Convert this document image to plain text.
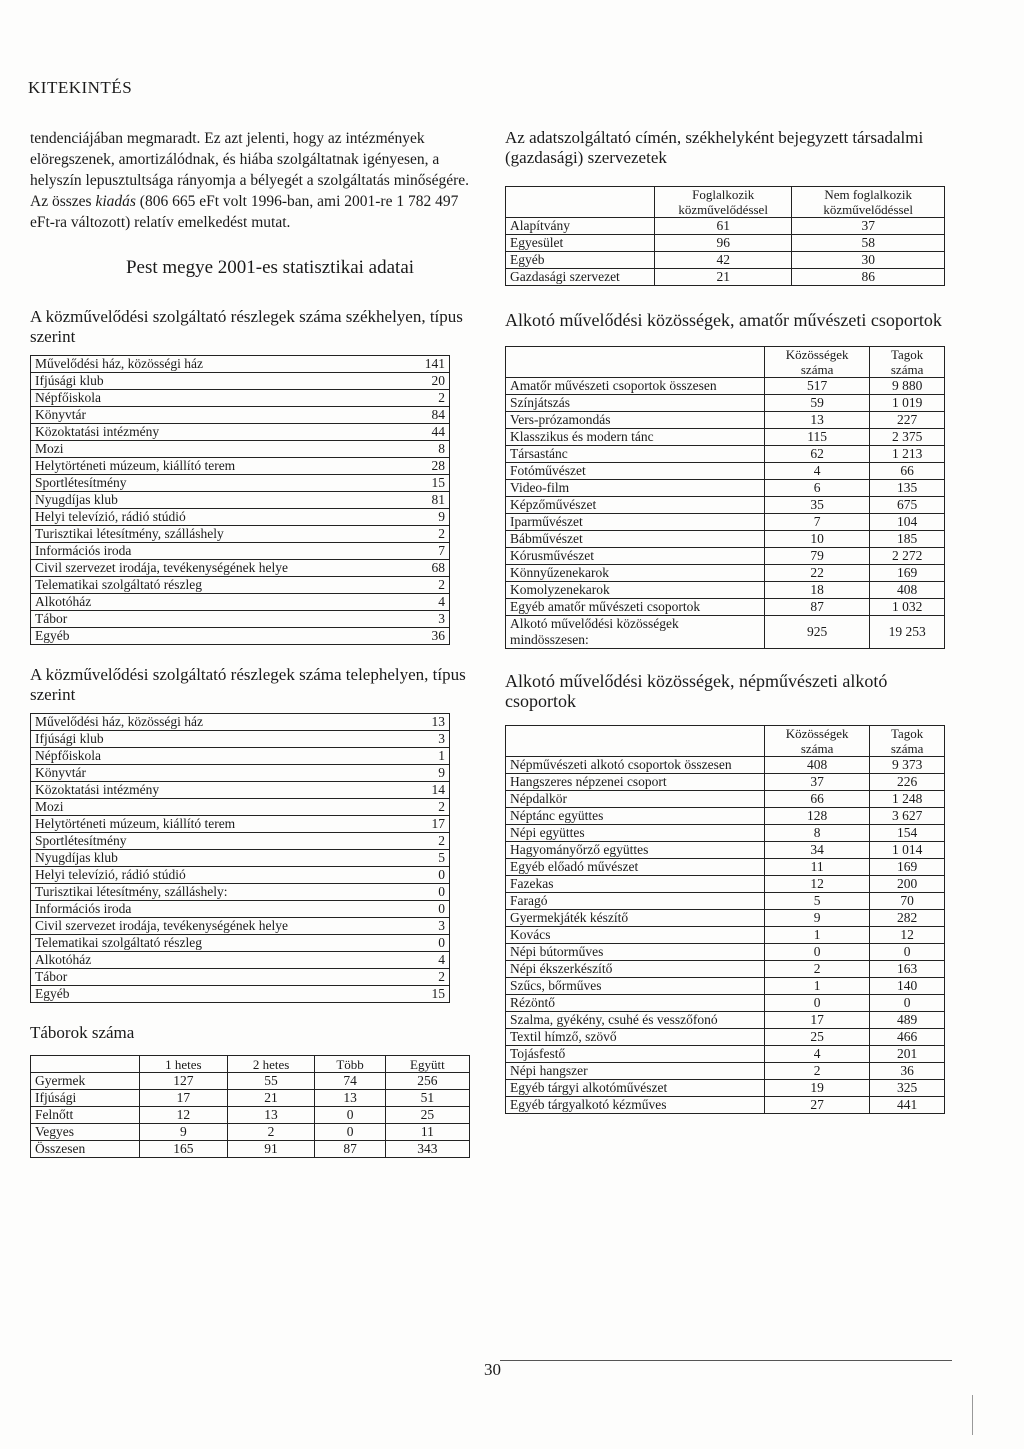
KITEKINTÉS

tendenciájában megmaradt. Ez azt jelenti, hogy az intézmények elöregszenek, amortizálódnak, és hiába szolgáltatnak igényesen, a helyszín lepusztultsága rányomja a bélyegét a szolgáltatás minőségére. Az összes kiadás (806 665 eFt volt 1996-ban, ami 2001-re 1 782 497 eFt-ra változott) relatív emelkedést mutat.

Pest megye 2001-es statisztikai adatai
A közművelődési szolgáltató részlegek száma székhelyen, típus szerint
Művelődési ház, közösségi ház	141
Ifjúsági klub	20
Népfőiskola	2
Könyvtár	84
Közoktatási intézmény	44
Mozi	8
Helytörténeti múzeum, kiállító terem	28
Sportlétesítmény	15
Nyugdíjas klub	81
Helyi televízió, rádió stúdió	9
Turisztikai létesítmény, szálláshely	2
Információs iroda	7
Civil szervezet irodája, tevékenységének helye	68
Telematikai szolgáltató részleg	2
Alkotóház	4
Tábor	3
Egyéb	36
A közművelődési szolgáltató részlegek száma telephelyen, típus szerint
Művelődési ház, közösségi ház	13
Ifjúsági klub	3
Népfőiskola	1
Könyvtár	9
Közoktatási intézmény	14
Mozi	2
Helytörténeti múzeum, kiállító terem	17
Sportlétesítmény	2
Nyugdíjas klub	5
Helyi televízió, rádió stúdió	0
Turisztikai létesítmény, szálláshely:	0
Információs iroda	0
Civil szervezet irodája, tevékenységének helye	3
Telematikai szolgáltató részleg	0
Alkotóház	4
Tábor	2
Egyéb	15
Táborok száma
	1 hetes	2 hetes	Több	Együtt
Gyermek	127	55	74	256
Ifjúsági	17	21	13	51
Felnőtt	12	13	0	25
Vegyes	9	2	0	11
Összesen	165	91	87	343
Az adatszolgáltató címén, székhelyként bejegyzett társadalmi (gazdasági) szervezetek
	Foglalkozik közművelődéssel	Nem foglalkozik közművelődéssel
Alapítvány	61	37
Egyesület	96	58
Egyéb	42	30
Gazdasági szervezet	21	86
Alkotó művelődési közösségek, amatőr művészeti csoportok
	Közösségek száma	Tagok száma
Amatőr művészeti csoportok összesen	517	9 880
Színjátszás	59	1 019
Vers-prózamondás	13	227
Klasszikus és modern tánc	115	2 375
Társastánc	62	1 213
Fotóművészet	4	66
Video-film	6	135
Képzőművészet	35	675
Iparművészet	7	104
Bábművészet	10	185
Kórusművészet	79	2 272
Könnyűzenekarok	22	169
Komolyzenekarok	18	408
Egyéb amatőr művészeti csoportok	87	1 032
Alkotó művelődési közösségek mindösszesen:	925	19 253
Alkotó művelődési közösségek, népművészeti alkotó csoportok
	Közösségek száma	Tagok száma
Népművészeti alkotó csoportok összesen	408	9 373
Hangszeres népzenei csoport	37	226
Népdalkör	66	1 248
Néptánc együttes	128	3 627
Népi együttes	8	154
Hagyományőrző együttes	34	1 014
Egyéb előadó művészet	11	169
Fazekas	12	200
Faragó	5	70
Gyermekjáték készítő	9	282
Kovács	1	12
Népi bútorműves	0	0
Népi ékszerkészítő	2	163
Szűcs, bőrműves	1	140
Rézöntő	0	0
Szalma, gyékény, csuhé és vesszőfonó	17	489
Textil hímző, szövő	25	466
Tojásfestő	4	201
Népi hangszer	2	36
Egyéb tárgyi alkotóművészet	19	325
Egyéb tárgyalkotó kézműves	27	441
30
